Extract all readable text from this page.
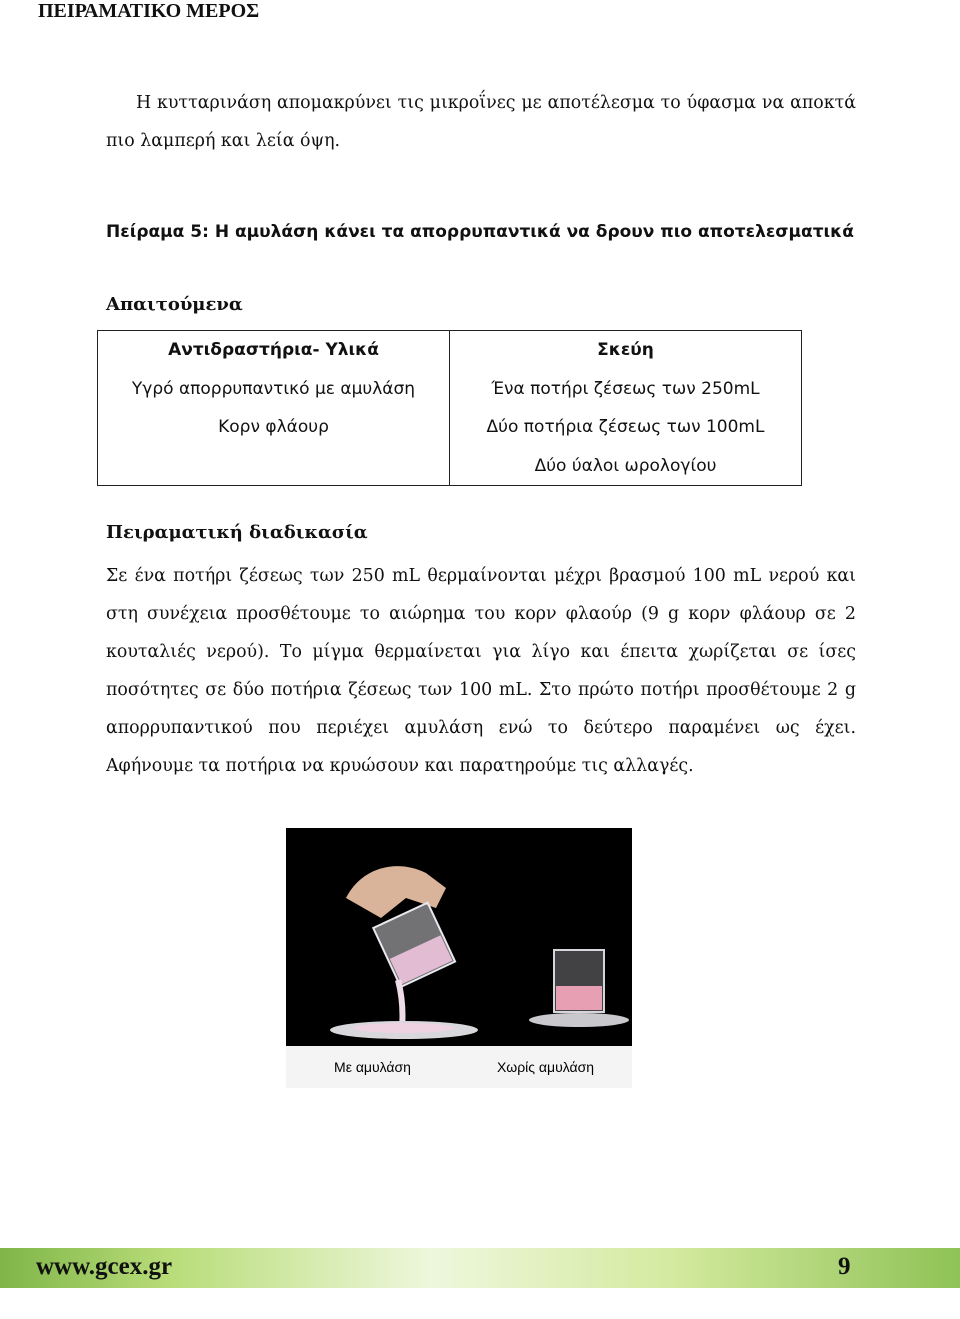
ΠΕΙΡΑΜΑΤΙΚΟ ΜΕΡΟΣ

Η κυτταρινάση απομακρύνει τις μικροΐνες με αποτέλεσμα το ύφασμα να αποκτά πιο λαμπερή και λεία όψη.

Πείραμα 5: Η αμυλάση κάνει τα απορρυπαντικά να δρουν πιο αποτελεσματικά
Απαιτούμενα
Αντιδραστήρια- Υλικά	Σκεύη
Υγρό απορρυπαντικό με αμυλάση	Ένα ποτήρι ζέσεως των 250mL
Κορν φλάουρ	Δύο ποτήρια ζέσεως των 100mL
	Δύο ύαλοι ωρολογίου
Πειραματική διαδικασία

Σε ένα ποτήρι ζέσεως των 250 mL θερμαίνονται μέχρι βρασμού 100 mL νερού και στη συνέχεια προσθέτουμε το αιώρημα του κορν φλαούρ (9 g κορν φλάουρ σε 2 κουταλιές νερού). Το μίγμα θερμαίνεται για λίγο και έπειτα χωρίζεται σε ίσες ποσότητες σε δύο ποτήρια ζέσεως των 100 mL. Στο πρώτο ποτήρι προσθέτουμε 2 g απορρυπαντικού που περιέχει αμυλάση ενώ το δεύτερο παραμένει ως έχει. Αφήνουμε τα ποτήρια να κρυώσουν και παρατηρούμε τις αλλαγές.

Με αμυλάση	Χωρίς αμυλάση
www.gcex.gr	9
